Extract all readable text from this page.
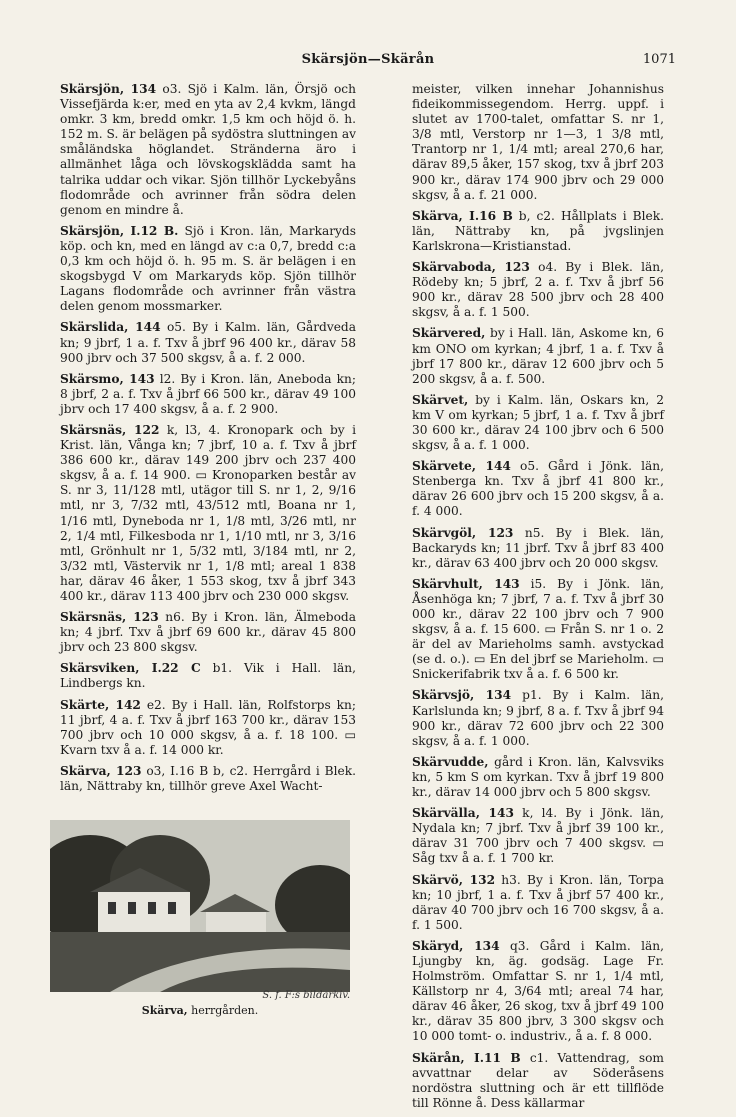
Skärsjön—Skärån	1071

Skärsjön, 134 o3. Sjö i Kalm. län, Örsjö och Vissefjärda k:er, med en yta av 2,4 kvkm, längd omkr. 3 km, bredd omkr. 1,5 km och höjd ö. h. 152 m. S. är belägen på sydöstra sluttningen av småländska höglandet. Stränderna äro i allmänhet låga och lövskogsklädda samt ha talrika uddar och vikar. Sjön tillhör Lyckebyåns flodområde och avrinner från södra delen genom en mindre å.

Skärsjön, I.12 B. Sjö i Kron. län, Markaryds köp. och kn, med en längd av c:a 0,7, bredd c:a 0,3 km och höjd ö. h. 95 m. S. är belägen i en skogsbygd V om Markaryds köp. Sjön tillhör Lagans flodområde och avrinner från västra delen genom mossmarker.

Skärslida, 144 o5. By i Kalm. län, Gårdveda kn; 9 jbrf, 1 a. f. Txv å jbrf 96 400 kr., därav 58 900 jbrv och 37 500 skgsv, å a. f. 2 000.

Skärsmo, 143 l2. By i Kron. län, Aneboda kn; 8 jbrf, 2 a. f. Txv å jbrf 66 500 kr., därav 49 100 jbrv och 17 400 skgsv, å a. f. 2 900.

Skärsnäs, 122 k, l3, 4. Kronopark och by i Krist. län, Vånga kn; 7 jbrf, 10 a. f. Txv å jbrf 386 600 kr., därav 149 200 jbrv och 237 400 skgsv, å a. f. 14 900. ▭ Kronoparken består av S. nr 3, 11/128 mtl, utägor till S. nr 1, 2, 9/16 mtl, nr 3, 7/32 mtl, 43/512 mtl, Boana nr 1, 1/16 mtl, Dyneboda nr 1, 1/8 mtl, 3/26 mtl, nr 2, 1/4 mtl, Filkesboda nr 1, 1/10 mtl, nr 3, 3/16 mtl, Grönhult nr 1, 5/32 mtl, 3/184 mtl, nr 2, 3/32 mtl, Västervik nr 1, 1/8 mtl; areal 1 838 har, därav 46 åker, 1 553 skog, txv å jbrf 343 400 kr., därav 113 400 jbrv och 230 000 skgsv.

Skärsnäs, 123 n6. By i Kron. län, Älmeboda kn; 4 jbrf. Txv å jbrf 69 600 kr., därav 45 800 jbrv och 23 800 skgsv.

Skärsviken, I.22 C b1. Vik i Hall. län, Lindbergs kn.

Skärte, 142 e2. By i Hall. län, Rolfstorps kn; 11 jbrf, 4 a. f. Txv å jbrf 163 700 kr., därav 153 700 jbrv och 10 000 skgsv, å a. f. 18 100. ▭ Kvarn txv å a. f. 14 000 kr.

Skärva, 123 o3, I.16 B b, c2. Herrgård i Blek. län, Nättraby kn, tillhör greve Axel Wacht-

meister, vilken innehar Johannishus fideikommissegendom. Herrg. uppf. i slutet av 1700-talet, omfattar S. nr 1, 3/8 mtl, Verstorp nr 1—3, 1 3/8 mtl, Trantorp nr 1, 1/4 mtl; areal 270,6 har, därav 89,5 åker, 157 skog, txv å jbrf 203 900 kr., därav 174 900 jbrv och 29 000 skgsv, å a. f. 21 000.

Skärva, I.16 B b, c2. Hållplats i Blek. län, Nättraby kn, på jvgslinjen Karlskrona—Kristianstad.

Skärvaboda, 123 o4. By i Blek. län, Rödeby kn; 5 jbrf, 2 a. f. Txv å jbrf 56 900 kr., därav 28 500 jbrv och 28 400 skgsv, å a. f. 1 500.

Skärvered, by i Hall. län, Askome kn, 6 km ONO om kyrkan; 4 jbrf, 1 a. f. Txv å jbrf 17 800 kr., därav 12 600 jbrv och 5 200 skgsv, å a. f. 500.

Skärvet, by i Kalm. län, Oskars kn, 2 km V om kyrkan; 5 jbrf, 1 a. f. Txv å jbrf 30 600 kr., därav 24 100 jbrv och 6 500 skgsv, å a. f. 1 000.

Skärvete, 144 o5. Gård i Jönk. län, Stenberga kn. Txv å jbrf 41 800 kr., därav 26 600 jbrv och 15 200 skgsv, å a. f. 4 000.

Skärvgöl, 123 n5. By i Blek. län, Backaryds kn; 11 jbrf. Txv å jbrf 83 400 kr., därav 63 400 jbrv och 20 000 skgsv.

Skärvhult, 143 i5. By i Jönk. län, Åsenhöga kn; 7 jbrf, 7 a. f. Txv å jbrf 30 000 kr., därav 22 100 jbrv och 7 900 skgsv, å a. f. 15 600. ▭ Från S. nr 1 o. 2 är del av Marieholms samh. avstyckad (se d. o.). ▭ En del jbrf se Marieholm. ▭ Snickerifabrik txv å a. f. 6 500 kr.

Skärvsjö, 134 p1. By i Kalm. län, Karlslunda kn; 9 jbrf, 8 a. f. Txv å jbrf 94 900 kr., därav 72 600 jbrv och 22 300 skgsv, å a. f. 1 000.

Skärvudde, gård i Kron. län, Kalvsviks kn, 5 km S om kyrkan. Txv å jbrf 19 800 kr., därav 14 000 jbrv och 5 800 skgsv.

Skärvälla, 143 k, l4. By i Jönk. län, Nydala kn; 7 jbrf. Txv å jbrf 39 100 kr., därav 31 700 jbrv och 7 400 skgsv. ▭ Såg txv å a. f. 1 700 kr.

Skärvö, 132 h3. By i Kron. län, Torpa kn; 10 jbrf, 1 a. f. Txv å jbrf 57 400 kr., därav 40 700 jbrv och 16 700 skgsv, å a. f. 1 500.

Skäryd, 134 q3. Gård i Kalm. län, Ljungby kn, äg. godsäg. Lage Fr. Holmström. Omfattar S. nr 1, 1/4 mtl, Källstorp nr 4, 3/64 mtl; areal 74 har, därav 46 åker, 26 skog, txv å jbrf 49 100 kr., därav 35 800 jbrv, 3 300 skgsv och 10 000 tomt- o. industriv., å a. f. 8 000.

Skärån, I.11 B c1. Vattendrag, som avvattnar delar av Söderåsens nordöstra sluttning och är ett tillflöde till Rönne å. Dess källarmar

S. f. F:s bildarkiv.
Skärva, herrgården.
